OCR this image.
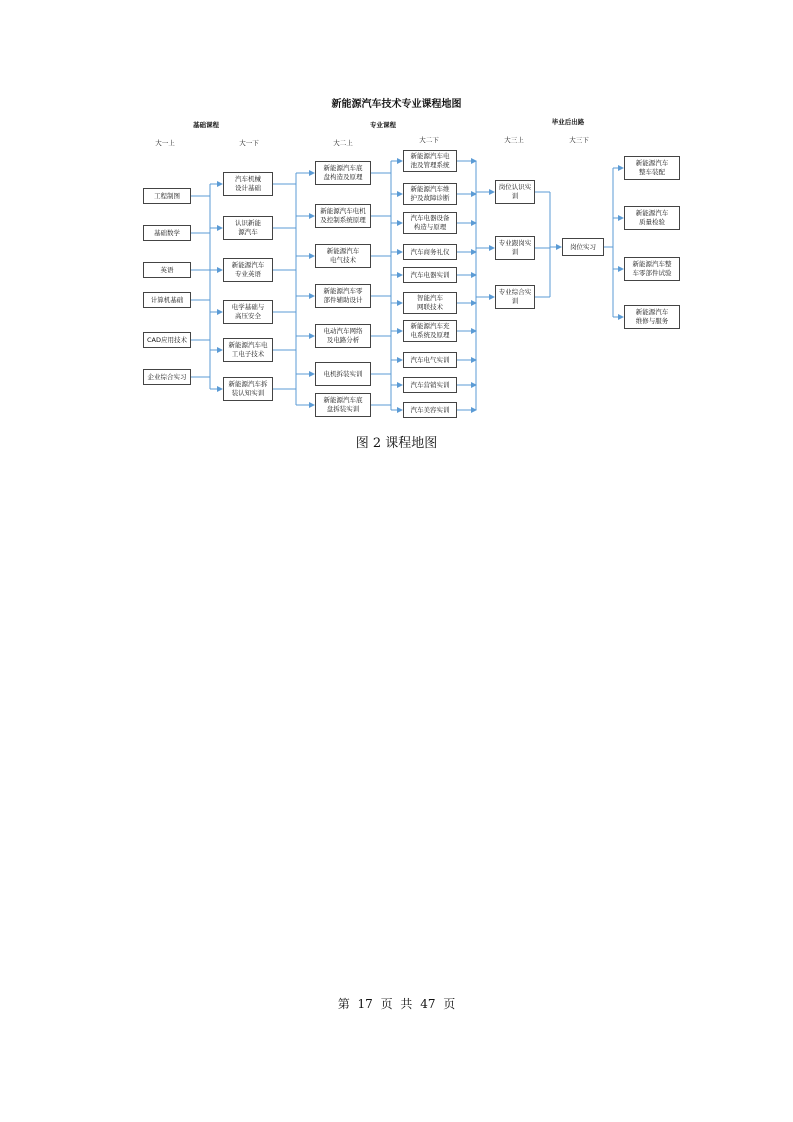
新能源汽车技术专业课程地图
基础课程	专业课程	毕业后出路
大一上	大一下	大二上	大二下	大三上	大三下
工程制图
基础数学
英语
计算机基础
CAD应用技术
企业综合实习
汽车机械
设计基础
认识新能
源汽车
新能源汽车
专业英语
电学基础与
高压安全
新能源汽车电
工电子技术
新能源汽车拆
装认知实训
新能源汽车底
盘构造及原理
新能源汽车电机
及控制系统原理
新能源汽车
电气技术
新能源汽车零
部件辅助设计
电动汽车网络
及电路分析
电机拆装实训
新能源汽车底
盘拆装实训
新能源汽车电
池及管理系统
新能源汽车维
护及故障诊断
汽车电器设备
构造与原理
汽车商务礼仪
汽车电器实训
智能汽车
网联技术
新能源汽车充
电系统及原理
汽车电气实训
汽车营销实训
汽车美容实训
岗位认识实训
专业跟岗实训
专业综合实训
岗位实习
新能源汽车
整车装配
新能源汽车
质量检验
新能源汽车整
车零部件试验
新能源汽车
维修与服务
图 2 课程地图
第 17 页 共 47 页
